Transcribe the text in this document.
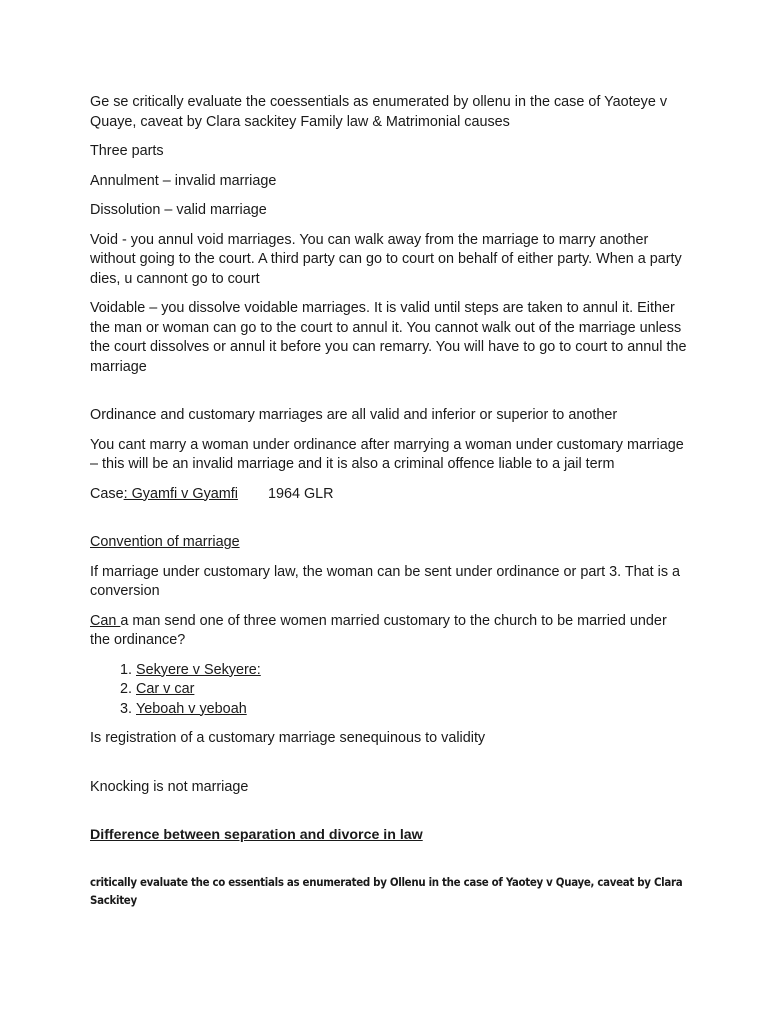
Ge se critically evaluate the coessentials as enumerated by ollenu in the case of Yaoteye v Quaye, caveat by Clara sackitey Family law & Matrimonial causes

Three parts

Annulment – invalid marriage

Dissolution – valid marriage

Void - you annul void marriages. You can walk away from the marriage to marry another without going to the court. A third party can go to court on behalf of either party. When a party dies, u cannont go to court

Voidable – you dissolve voidable marriages. It is valid until steps are taken to annul it. Either the man or woman can go to the court to annul it. You cannot walk out of the marriage unless the court dissolves or annul it before you can remarry. You will have to go to court to annul the marriage

Ordinance and customary marriages are all valid and inferior or superior to another

You cant marry a woman under ordinance after marrying a woman under customary marriage – this will be an invalid marriage and it is also a criminal offence liable to a jail term

Case: Gyamfi v Gyamfi 1964 GLR

Convention of marriage

If marriage under customary law, the woman can be sent under ordinance or part 3. That is a conversion

Can a man send one of three women married customary to the church to be married under the ordinance?

1. Sekyere v Sekyere:
2. Car v car
3. Yeboah v yeboah

Is registration of a customary marriage senequinous to validity

Knocking is not marriage

Difference between separation and divorce in law

critically evaluate the co essentials as enumerated by Ollenu in the case of Yaotey v Quaye, caveat by Clara Sackitey
